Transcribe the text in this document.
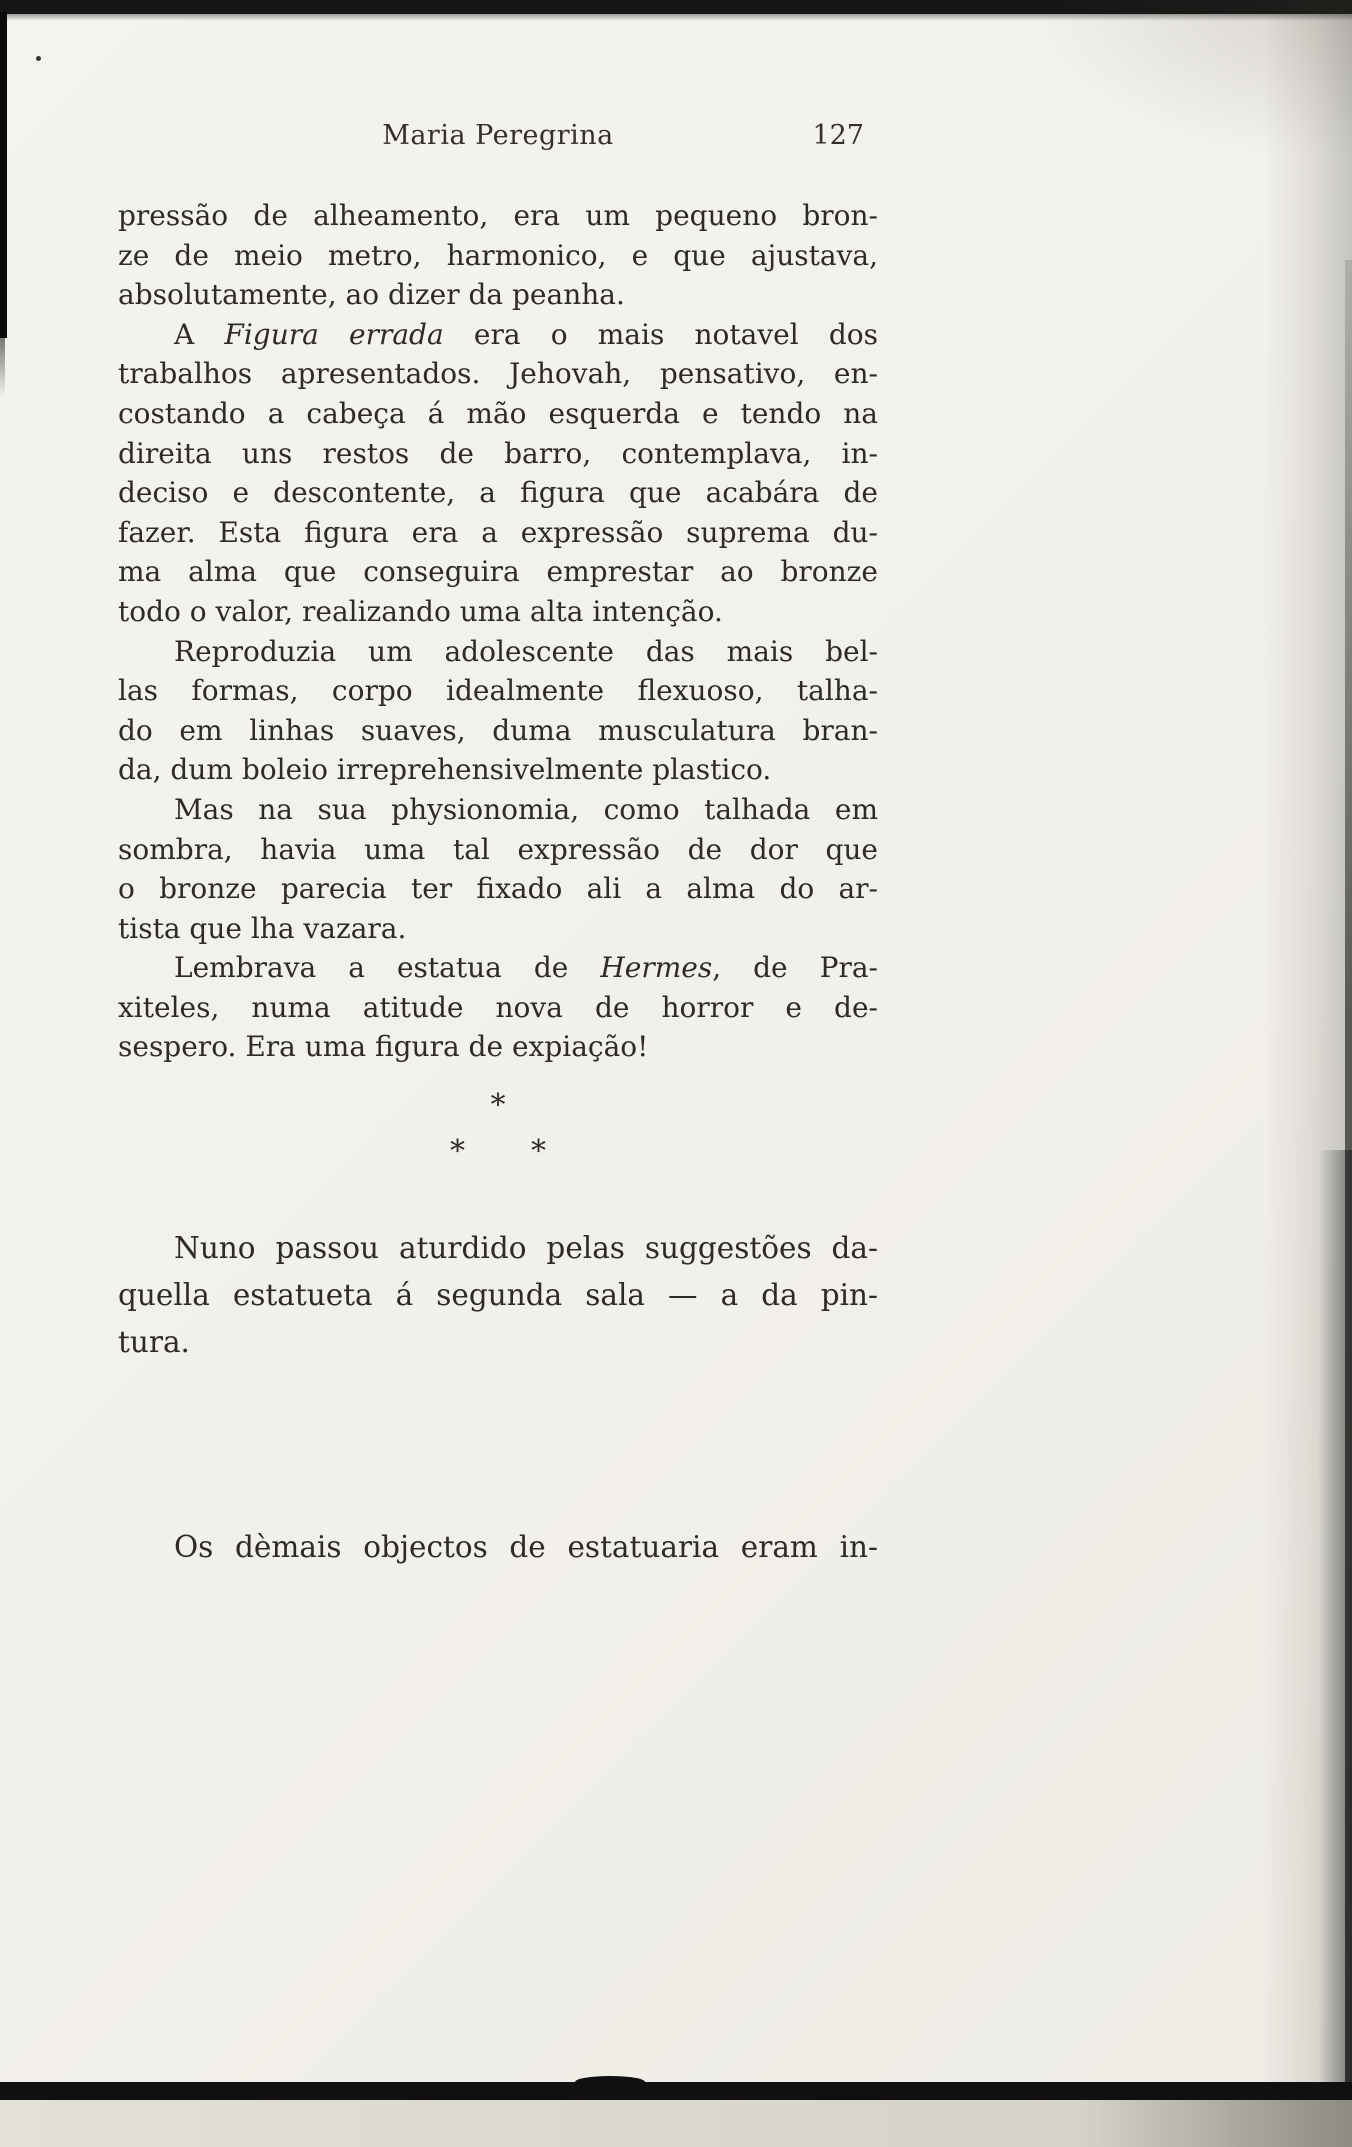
Maria Peregrina	127
pressão de alheamento, era um pequeno bron-
ze de meio metro, harmonico, e que ajustava,
absolutamente, ao dizer da peanha.
A Figura errada era o mais notavel dos
trabalhos apresentados. Jehovah, pensativo, en-
costando a cabeça á mão esquerda e tendo na
direita uns restos de barro, contemplava, in-
deciso e descontente, a figura que acabára de
fazer. Esta figura era a expressão suprema du-
ma alma que conseguira emprestar ao bronze
todo o valor, realizando uma alta intenção.
Reproduzia um adolescente das mais bel-
las formas, corpo idealmente flexuoso, talha-
do em linhas suaves, duma musculatura bran-
da, dum boleio irreprehensivelmente plastico.
Mas na sua physionomia, como talhada em
sombra, havia uma tal expressão de dor que
o bronze parecia ter fixado ali a alma do ar-
tista que lha vazara.
Lembrava a estatua de Hermes, de Pra-
xiteles, numa atitude nova de horror e de-
sespero. Era uma figura de expiação!
*
* *
Nuno passou aturdido pelas suggestões da-
quella estatueta á segunda sala — a da pin-
tura.
Os dèmais objectos de estatuaria eram in-
